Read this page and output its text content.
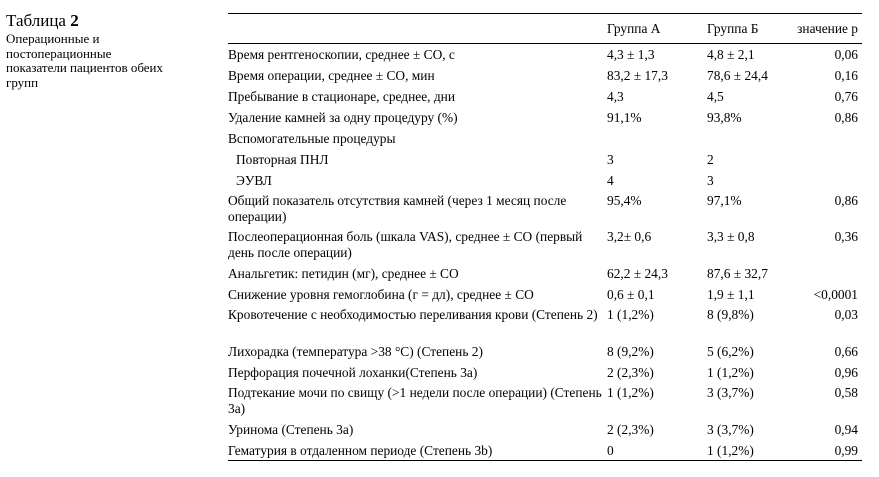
Таблица 2

Операционные и постоперационные показатели пациентов обеих групп

	Группа А	Группа Б	значение p
Время рентгеноскопии, среднее ± СО, с	4,3 ± 1,3	4,8 ± 2,1	0,06
Время операции, среднее ± СО, мин	83,2 ± 17,3	78,6 ± 24,4	0,16
Пребывание в стационаре, среднее, дни	4,3	4,5	0,76
Удаление камней за одну процедуру (%)	91,1%	93,8%	0,86
Вспомогательные процедуры			
Повторная ПНЛ	3	2	
ЭУВЛ	4	3	
Общий показатель отсутствия камней (через 1 месяц после операции)	95,4%	97,1%	0,86
Послеоперационная боль (шкала VAS), среднее ± СО (первый день после операции)	3,2± 0,6	3,3 ± 0,8	0,36
Анальгетик: петидин (мг), среднее ± СО	62,2 ± 24,3	87,6 ± 32,7	
Снижение уровня гемоглобина (г = дл), среднее ± СО	0,6 ± 0,1	1,9 ± 1,1	<0,0001
Кровотечение с необходимостью переливания крови (Степень 2)	1 (1,2%)	8 (9,8%)	0,03
Лихорадка (температура >38 °C) (Степень 2)	8 (9,2%)	5 (6,2%)	0,66
Перфорация почечной лоханки(Степень 3a)	2 (2,3%)	1 (1,2%)	0,96
Подтекание мочи по свищу (>1 недели после операции) (Степень 3a)	1 (1,2%)	3 (3,7%)	0,58
Уринома (Степень 3a)	2 (2,3%)	3 (3,7%)	0,94
Гематурия в отдаленном периоде (Степень 3b)	0	1 (1,2%)	0,99
